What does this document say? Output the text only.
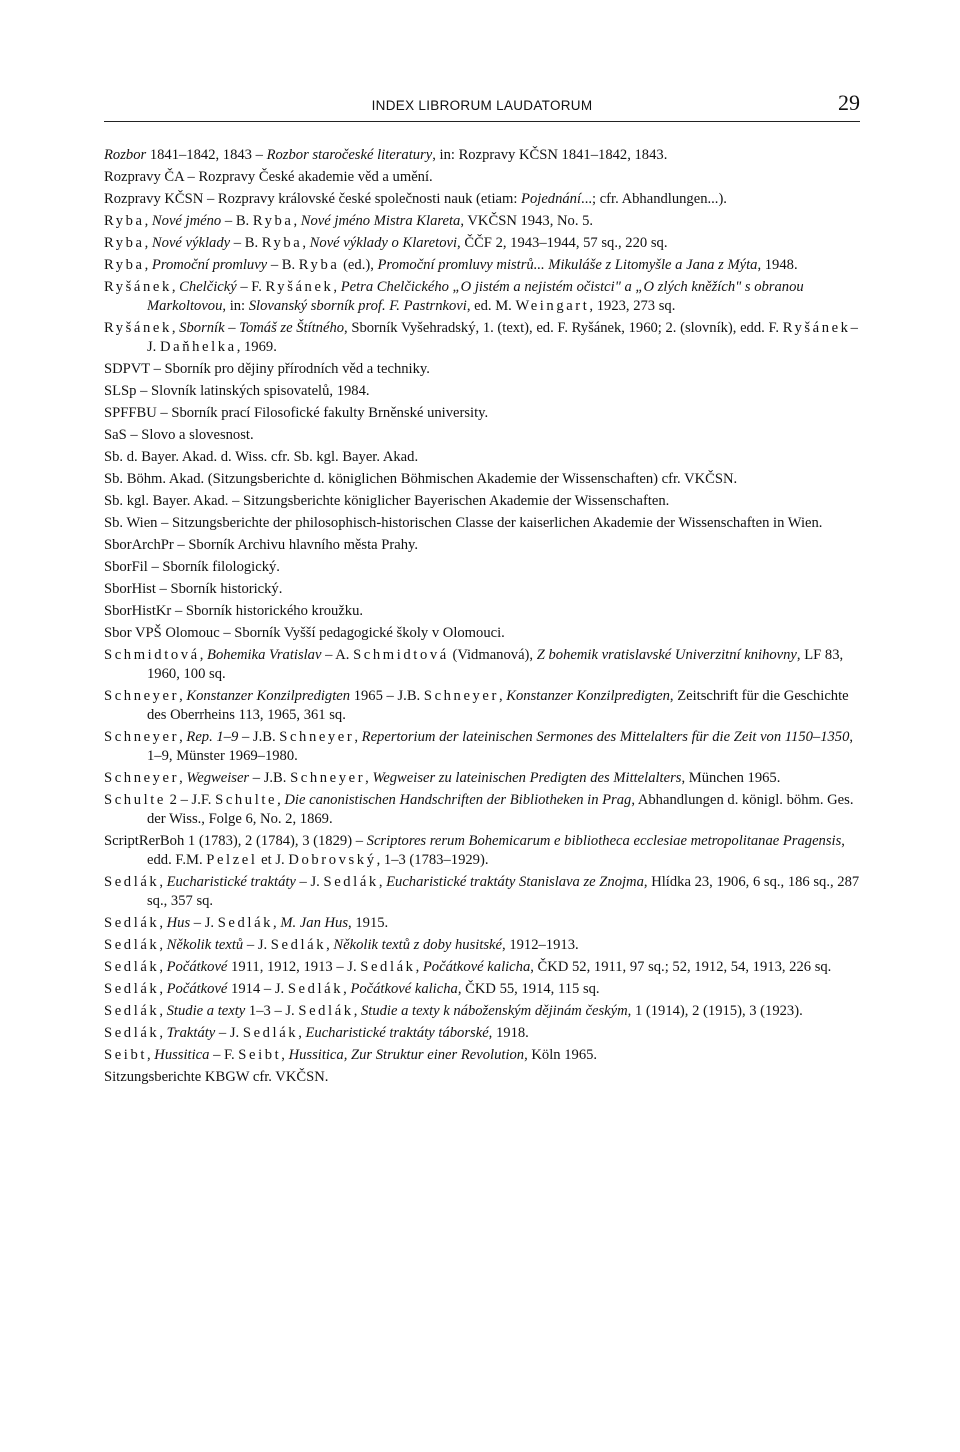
INDEX LIBRORUM LAUDATORUM	29
Rozbor 1841–1842, 1843 – Rozbor staročeské literatury, in: Rozpravy KČSN 1841–1842, 1843.
Rozpravy ČA – Rozpravy České akademie věd a umění.
Rozpravy KČSN – Rozpravy královské české společnosti nauk (etiam: Pojednání...; cfr. Abhandlungen...).
Ryba, Nové jméno – B. Ryba, Nové jméno Mistra Klareta, VKČSN 1943, No. 5.
Ryba, Nové výklady – B. Ryba, Nové výklady o Klaretovi, ČČF 2, 1943–1944, 57 sq., 220 sq.
Ryba, Promoční promluvy – B. Ryba (ed.), Promoční promluvy mistrů... Mikuláše z Litomyšle a Jana z Mýta, 1948.
Ryšánek, Chelčický – F. Ryšánek, Petra Chelčického „O jistém a nejistém očistci" a „O zlých kněžích" s obranou Markoltovou, in: Slovanský sborník prof. F. Pastrnkovi, ed. M. Weingart, 1923, 273 sq.
Ryšánek, Sborník – Tomáš ze Štítného, Sborník Vyšehradský, 1. (text), ed. F. Ryšánek, 1960; 2. (slovník), edd. F. Ryšánek–J. Daňhelka, 1969.
SDPVT – Sborník pro dějiny přírodních věd a techniky.
SLSp – Slovník latinských spisovatelů, 1984.
SPFFBU – Sborník prací Filosofické fakulty Brněnské university.
SaS – Slovo a slovesnost.
Sb. d. Bayer. Akad. d. Wiss. cfr. Sb. kgl. Bayer. Akad.
Sb. Böhm. Akad. (Sitzungsberichte d. königlichen Böhmischen Akademie der Wissenschaften) cfr. VKČSN.
Sb. kgl. Bayer. Akad. – Sitzungsberichte königlicher Bayerischen Akademie der Wissenschaften.
Sb. Wien – Sitzungsberichte der philosophisch-historischen Classe der kaiserlichen Akademie der Wissenschaften in Wien.
SborArchPr – Sborník Archivu hlavního města Prahy.
SborFil – Sborník filologický.
SborHist – Sborník historický.
SborHistKr – Sborník historického kroužku.
Sbor VPŠ Olomouc – Sborník Vyšší pedagogické školy v Olomouci.
Schmidtová, Bohemika Vratislav – A. Schmidtová (Vidmanová), Z bohemik vratislavské Univerzitní knihovny, LF 83, 1960, 100 sq.
Schneyer, Konstanzer Konzilpredigten 1965 – J.B. Schneyer, Konstanzer Konzilpredigten, Zeitschrift für die Geschichte des Oberrheins 113, 1965, 361 sq.
Schneyer, Rep. 1–9 – J.B. Schneyer, Repertorium der lateinischen Sermones des Mittelalters für die Zeit von 1150–1350, 1–9, Münster 1969–1980.
Schneyer, Wegweiser – J.B. Schneyer, Wegweiser zu lateinischen Predigten des Mittelalters, München 1965.
Schulte 2 – J.F. Schulte, Die canonistischen Handschriften der Bibliotheken in Prag, Abhandlungen d. königl. böhm. Ges. der Wiss., Folge 6, No. 2, 1869.
ScriptRerBoh 1 (1783), 2 (1784), 3 (1829) – Scriptores rerum Bohemicarum e bibliotheca ecclesiae metropolitanae Pragensis, edd. F.M. Pelzel et J. Dobrovský, 1–3 (1783–1929).
Sedlák, Eucharistické traktáty – J. Sedlák, Eucharistické traktáty Stanislava ze Znojma, Hlídka 23, 1906, 6 sq., 186 sq., 287 sq., 357 sq.
Sedlák, Hus – J. Sedlák, M. Jan Hus, 1915.
Sedlák, Několik textů – J. Sedlák, Několik textů z doby husitské, 1912–1913.
Sedlák, Počátkové 1911, 1912, 1913 – J. Sedlák, Počátkové kalicha, ČKD 52, 1911, 97 sq.; 52, 1912, 54, 1913, 226 sq.
Sedlák, Počátkové 1914 – J. Sedlák, Počátkové kalicha, ČKD 55, 1914, 115 sq.
Sedlák, Studie a texty 1–3 – J. Sedlák, Studie a texty k náboženským dějinám českým, 1 (1914), 2 (1915), 3 (1923).
Sedlák, Traktáty – J. Sedlák, Eucharistické traktáty táborské, 1918.
Seibt, Hussitica – F. Seibt, Hussitica, Zur Struktur einer Revolution, Köln 1965.
Sitzungsberichte KBGW cfr. VKČSN.
